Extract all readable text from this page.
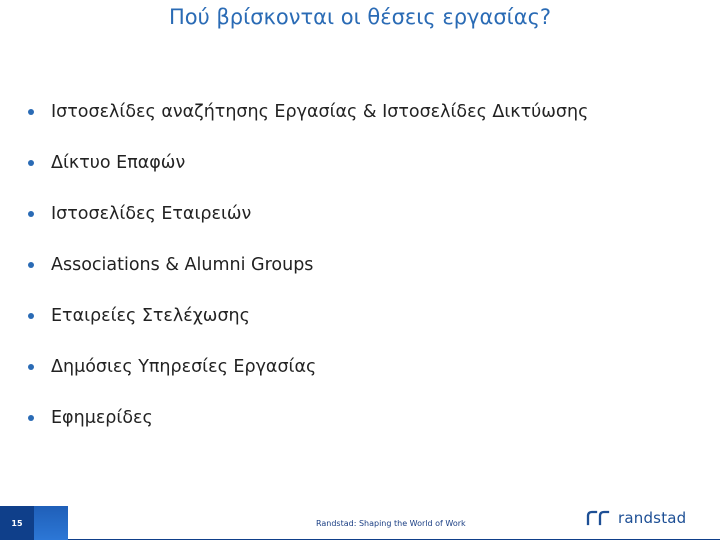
Πού βρίσκονται οι θέσεις εργασίας?
Ιστοσελίδες αναζήτησης Εργασίας & Ιστοσελίδες Δικτύωσης
Δίκτυο Επαφών
Ιστοσελίδες Εταιρειών
Associations & Alumni Groups
Εταιρείες Στελέχωσης
Δημόσιες Υπηρεσίες Εργασίας
Εφημερίδες
15	Randstad: Shaping the World of Work	randstad
